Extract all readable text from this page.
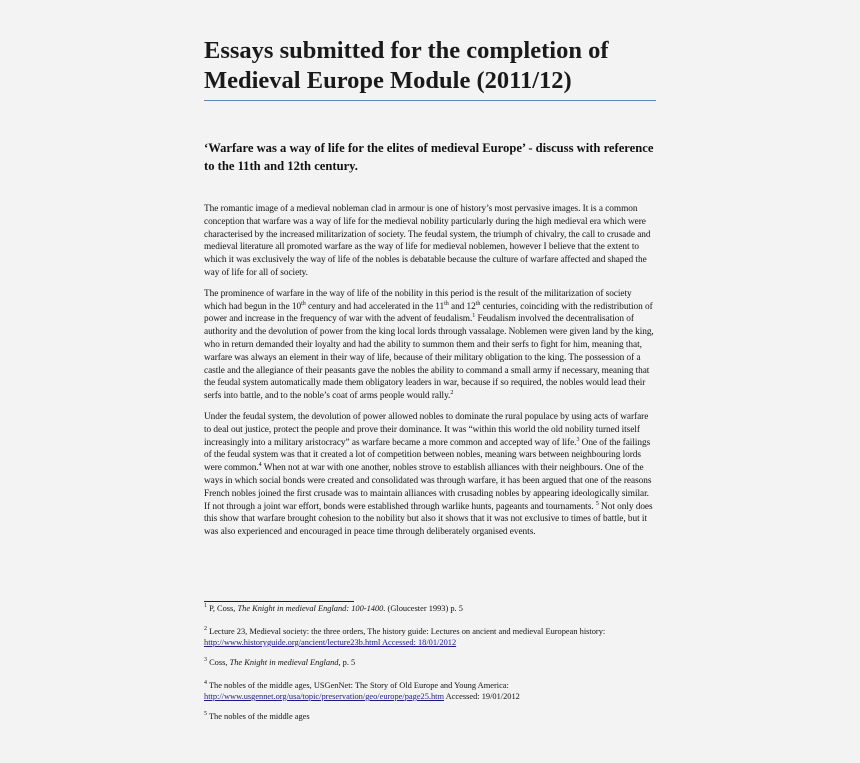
Essays submitted for the completion of
Medieval Europe Module (2011/12)

‘Warfare was a way of life for the elites of medieval Europe’ - discuss with reference to the 11th and 12th century.

The romantic image of a medieval nobleman clad in armour is one of history’s most pervasive images. It is a common conception that warfare was a way of life for the medieval nobility particularly during the high medieval era which were characterised by the increased militarization of society. The feudal system, the triumph of chivalry, the call to crusade and medieval literature all promoted warfare as the way of life for medieval noblemen, however I believe that the extent to which it was exclusively the way of life of the nobles is debatable because the culture of warfare affected and shaped the way of life for all of society.

The prominence of warfare in the way of life of the nobility in this period is the result of the militarization of society which had begun in the 10th century and had accelerated in the 11th and 12th centuries, coinciding with the redistribution of power and increase in the frequency of war with the advent of feudalism.$^1$ Feudalism involved the decentralisation of authority and the devolution of power from the king local lords through vassalage. Noblemen were given land by the king, who in return demanded their loyalty and had the ability to summon them and their serfs to fight for him, meaning that, warfare was always an element in their way of life, because of their military obligation to the king. The possession of a castle and the allegiance of their peasants gave the nobles the ability to command a small army if necessary, meaning that the feudal system automatically made them obligatory leaders in war, because if so required, the nobles would lead their serfs into battle, and to the noble’s coat of arms people would rally.$^2$

Under the feudal system, the devolution of power allowed nobles to dominate the rural populace by using acts of warfare to deal out justice, protect the people and prove their dominance. It was “within this world the old nobility turned itself increasingly into a military aristocracy” as warfare became a more common and accepted way of life.$^3$ One of the failings of the feudal system was that it created a lot of competition between nobles, meaning wars between neighbouring lords were common.$^4$ When not at war with one another, nobles strove to establish alliances with their neighbours. One of the ways in which social bonds were created and consolidated was through warfare, it has been argued that one of the reasons French nobles joined the first crusade was to maintain alliances with crusading nobles by appearing ideologically similar. If not through a joint war effort, bonds were established through warlike hunts, pageants and tournaments. $^5$ Not only does this show that warfare brought cohesion to the nobility but also it shows that it was not exclusive to times of battle, but it was also experienced and encouraged in peace time through deliberately organised events.

$^1$ P, Coss, The Knight in medieval England: 100-1400. (Gloucester 1993) p. 5
$^2$ Lecture 23, Medieval society: the three orders, The history guide: Lectures on ancient and medieval European history:
http://www.historyguide.org/ancient/lecture23b.html Accessed: 18/01/2012
$^3$ Coss, The Knight in medieval England, p. 5
$^4$ The nobles of the middle ages, USGenNet: The Story of Old Europe and Young America:
http://www.usgennet.org/usa/topic/preservation/geo/europe/page25.htm Accessed: 19/01/2012
$^5$ The nobles of the middle ages
